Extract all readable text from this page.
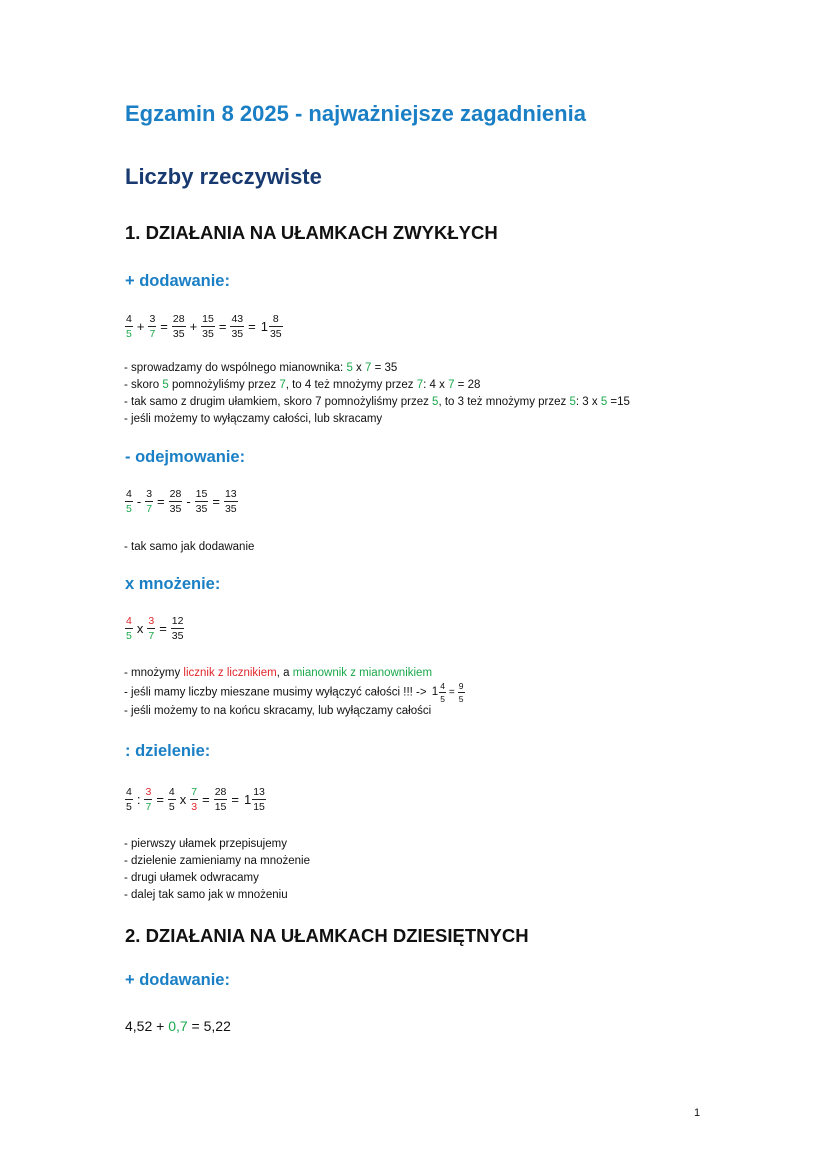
Egzamin 8 2025 - najważniejsze zagadnienia
Liczby rzeczywiste
1. DZIAŁANIA NA UŁAMKACH ZWYKŁYCH
+ dodawanie:
$\frac{4}{5} + \frac{3}{7} = \frac{28}{35} + \frac{15}{35} = \frac{43}{35} = 1 \frac{8}{35}$
- sprowadzamy do wspólnego mianownika: 5 x 7 = 35
- skoro 5 pomnożyliśmy przez 7, to 4 też mnożymy przez 7: 4 x 7 = 28
- tak samo z drugim ułamkiem, skoro 7 pomnożyliśmy przez 5, to 3 też mnożymy przez 5: 3 x 5 =15
- jeśli możemy to wyłączamy całości, lub skracamy
- odejmowanie:
$\frac{4}{5} - \frac{3}{7} = \frac{28}{35} - \frac{15}{35} = \frac{13}{35}$
- tak samo jak dodawanie
x mnożenie:
$\frac{4}{5}$ x $\frac{3}{7} = \frac{12}{35}$
- mnożymy licznik z licznikiem, a mianownik z mianownikiem
- jeśli mamy liczby mieszane musimy wyłączyć całości !!! -> $1 \frac{4}{5} = \frac{9}{5}$
- jeśli możemy to na końcu skracamy, lub wyłączamy całości
: dzielenie:
$\frac{4}{5}$ : $\frac{3}{7} = \frac{4}{5}$ x $\frac{7}{3} = \frac{28}{15} = 1 \frac{13}{15}$
- pierwszy ułamek przepisujemy
- dzielenie zamieniamy na mnożenie
- drugi ułamek odwracamy
- dalej tak samo jak w mnożeniu
2. DZIAŁANIA NA UŁAMKACH DZIESIĘTNYCH
+ dodawanie:
4,52 + 0,7 = 5,22
1
